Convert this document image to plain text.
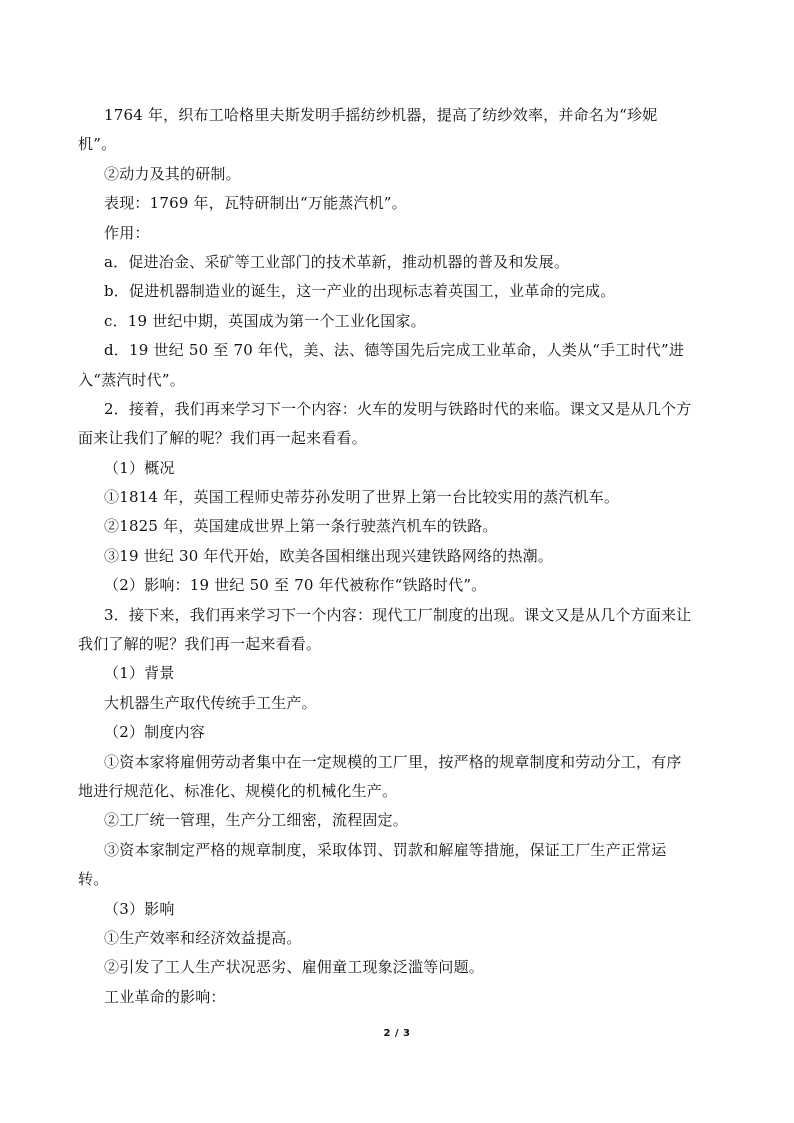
1764 年，织布工哈格里夫斯发明手摇纺纱机器，提高了纺纱效率，并命名为“珍妮
机”。
②动力及其的研制。
表现：1769 年，瓦特研制出“万能蒸汽机”。
作用：
a．促进冶金、采矿等工业部门的技术革新，推动机器的普及和发展。
b．促进机器制造业的诞生，这一产业的出现标志着英国工，业革命的完成。
c．19 世纪中期，英国成为第一个工业化国家。
d．19 世纪 50 至 70 年代，美、法、德等国先后完成工业革命，人类从“手工时代”进
入“蒸汽时代”。
2．接着，我们再来学习下一个内容：火车的发明与铁路时代的来临。课文又是从几个方
面来让我们了解的呢？我们再一起来看看。
（1）概况
①1814 年，英国工程师史蒂芬孙发明了世界上第一台比较实用的蒸汽机车。
②1825 年，英国建成世界上第一条行驶蒸汽机车的铁路。
③19 世纪 30 年代开始，欧美各国相继出现兴建铁路网络的热潮。
（2）影响：19 世纪 50 至 70 年代被称作“铁路时代”。
3．接下来，我们再来学习下一个内容：现代工厂制度的出现。课文又是从几个方面来让
我们了解的呢？我们再一起来看看。
（1）背景
大机器生产取代传统手工生产。
（2）制度内容
①资本家将雇佣劳动者集中在一定规模的工厂里，按严格的规章制度和劳动分工，有序
地进行规范化、标准化、规模化的机械化生产。
②工厂统一管理，生产分工细密，流程固定。
③资本家制定严格的规章制度，采取体罚、罚款和解雇等措施，保证工厂生产正常运
转。
（3）影响
①生产效率和经济效益提高。
②引发了工人生产状况恶劣、雇佣童工现象泛滥等问题。
工业革命的影响：
2 / 3
